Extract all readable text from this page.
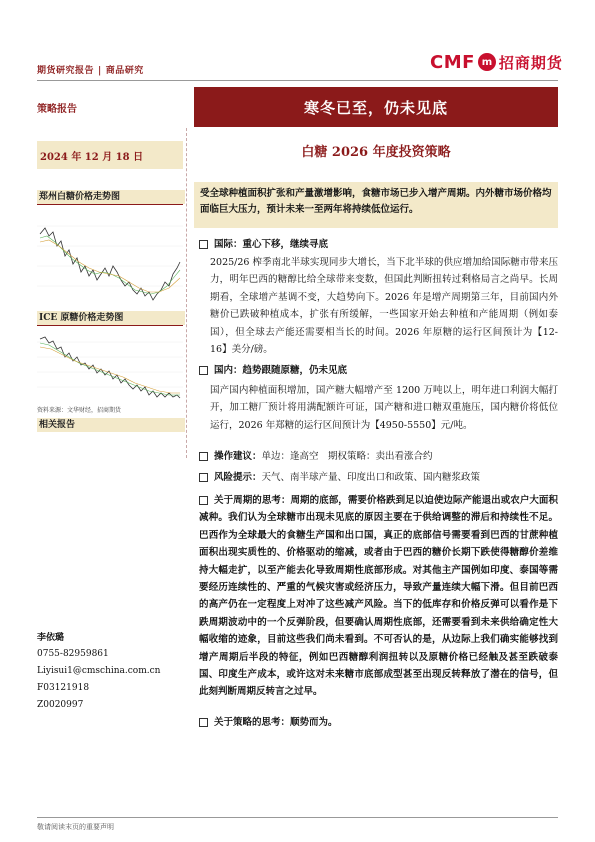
期货研究报告 | 商品研究	CMF m 招商期货
策略报告
2024 年 12 月 18 日
郑州白糖价格走势图
ICE 原糖价格走势图
资料来源：文华财经，招商期货
相关报告
李依璐
0755-82959861
Liyisui1@cmschina.com.cn
F03121918
Z0020997
寒冬已至，仍未见底
白糖 2026 年度投资策略
受全球种植面积扩张和产量激增影响，食糖市场已步入增产周期。内外糖市场价格均面临巨大压力，预计未来一至两年将持续低位运行。
国际：重心下移，继续寻底
2025/26 榨季南北半球实现同步大增长，当下北半球的供应增加给国际糖市带来压力，明年巴西的糖醇比给全球带来变数，但国此判断扭转过剩格局言之尚早。长周期看，全球增产基调不变，大趋势向下。2026 年是增产周期第三年，目前国内外糖价已跌破种植成本，扩张有所缓解，一些国家开始去种植和产能周期（例如泰国），但全球去产能还需要相当长的时间。2026 年原糖的运行区间预计为【12-16】美分/磅。
国内：趋势跟随原糖，仍未见底
国产国内种植面积增加，国产糖大幅增产至 1200 万吨以上，明年进口利润大幅打开，加工糖厂预计将用满配额许可证，国产糖和进口糖双重施压，国内糖价将低位运行，2026 年郑糖的运行区间预计为【4950-5550】元/吨。
操作建议：单边：逢高空　期权策略：卖出看涨合约
风险提示：天气、南半球产量、印度出口和政策、国内糖浆政策
关于周期的思考：周期的底部，需要价格跌到足以迫使边际产能退出或农户大面积减种。我们认为全球糖市出现未见底的原因主要在于供给调整的滞后和持续性不足。巴西作为全球最大的食糖生产国和出口国，真正的底部信号需要看到巴西的甘蔗种植面积出现实质性的、价格驱动的缩减，或者由于巴西的糖价长期下跌使得糖醇价差维持大幅走扩，以至产能去化导致周期性底部形成。对其他主产国例如印度、泰国等需要经历连续性的、严重的气候灾害或经济压力，导致产量连续大幅下滑。但目前巴西的高产仍在一定程度上对冲了这些减产风险。当下的低库存和价格反弹可以看作是下跌周期波动中的一个反弹阶段，但要确认周期性底部，还需要看到未来供给确定性大幅收缩的迹象，目前这些我们尚未看到。不可否认的是，从边际上我们确实能够找到增产周期后半段的特征，例如巴西糖醇利润扭转以及原糖价格已经触及甚至跌破泰国、印度生产成本，或许这对未来糖市底部成型甚至出现反转释放了潜在的信号，但此刻判断周期反转言之过早。
关于策略的思考：顺势而为。
敬请阅读末页的重要声明
